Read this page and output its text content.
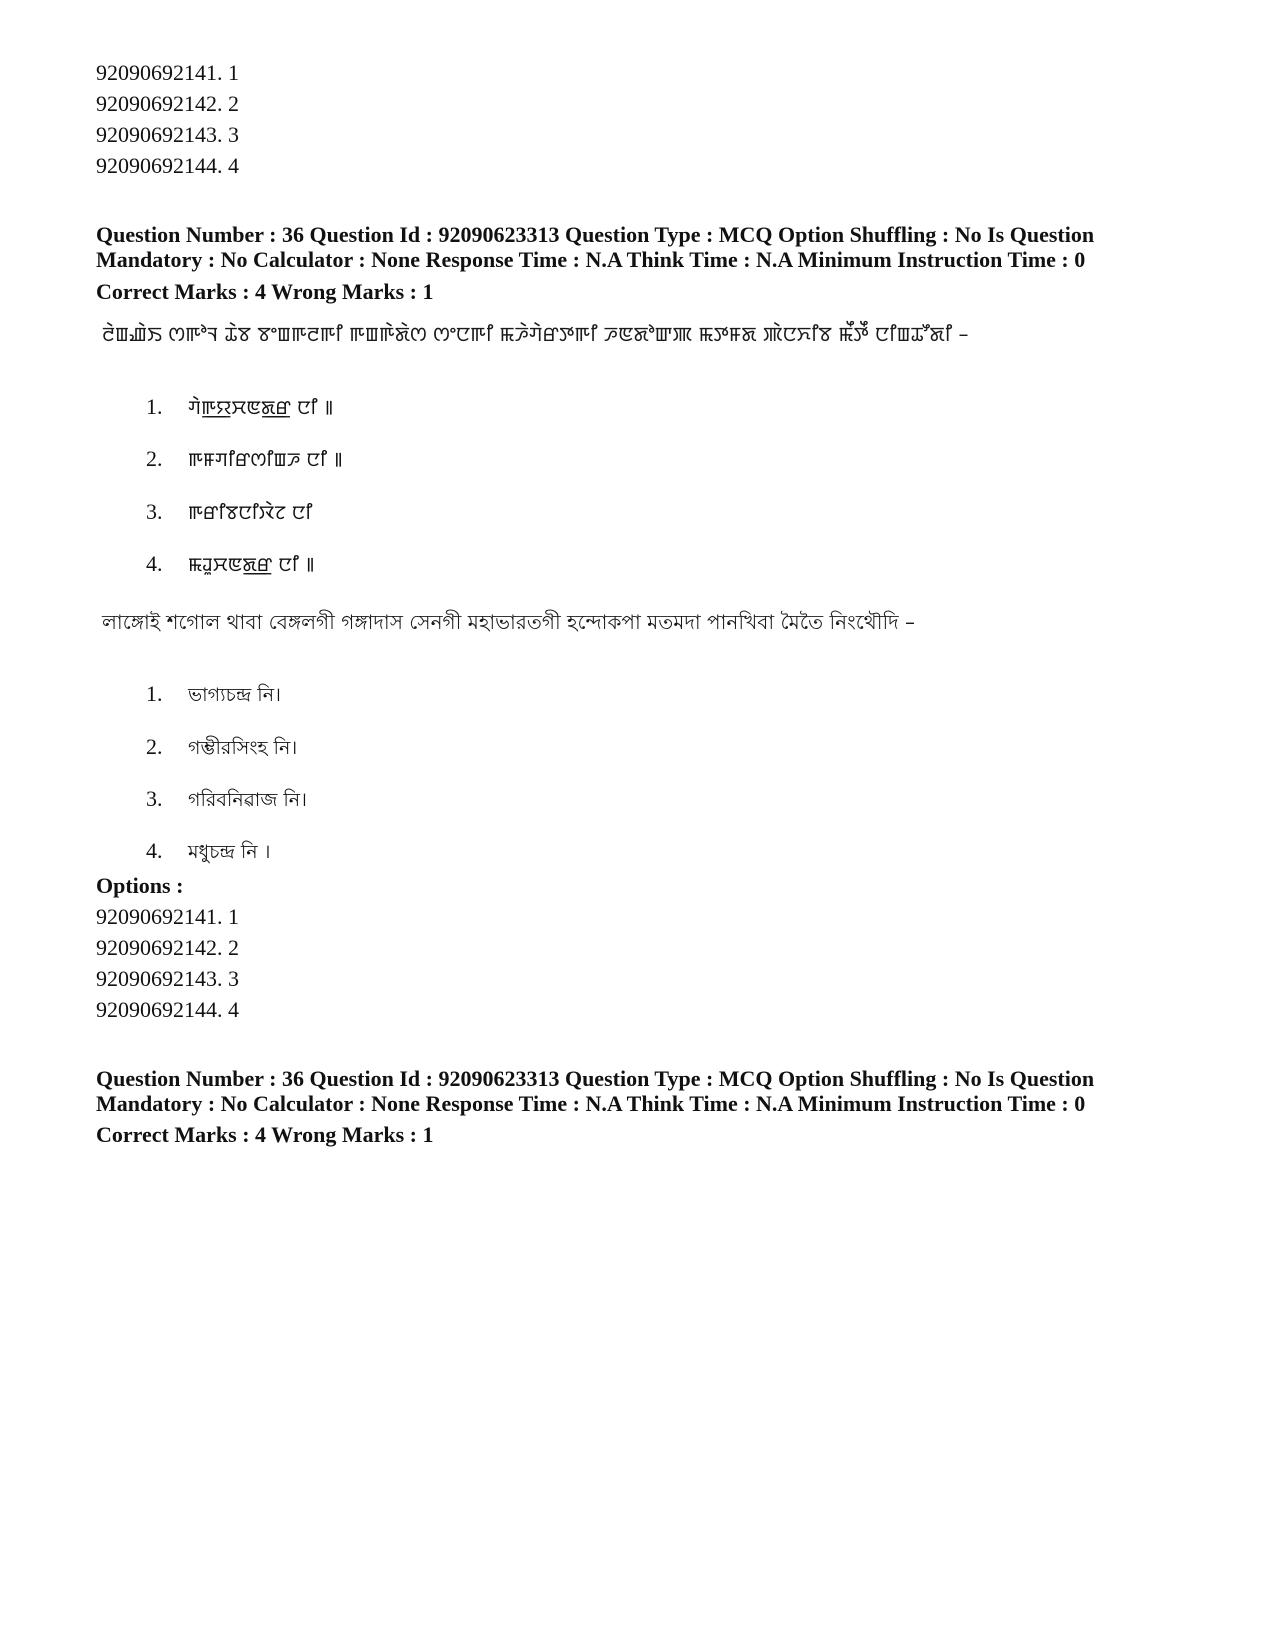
92090692141. 1
92090692142. 2
92090692143. 3
92090692144. 4
Question Number : 36 Question Id : 92090623313 Question Type : MCQ Option Shuffling : No Is Question
Mandatory : No Calculator : None Response Time : N.A Think Time : N.A Minimum Instruction Time : 0
Correct Marks : 4 Wrong Marks : 1
ꯂꯥꯡꯉꯥꯏ ꯁꯒꯣꯜ ꯊꯥꯕ ꯕꯦꯡꯒꯂꯒꯤ ꯒꯡꯒꯥꯗꯥꯁ ꯁꯦꯅꯒꯤ ꯃꯍꯥꯚꯥꯔꯇꯒꯤ ꯍꯟꯗꯣꯛꯄ ꯃꯇꯝꯗ ꯄꯥꯅꯈꯤꯕ ꯃꯩꯇꯩ ꯅꯤꯡꯊꯧꯗꯤ –
1. ꯚꯥꯒ꯭ꯌꯆꯟꯗ꯭ꯔ ꯅꯤ ꯫
2. ꯒꯝꯚꯤꯔꯁꯤꯡꯍ ꯅꯤ ꯫
3. ꯒꯔꯤꯕꯅꯤꯋꯥꯖ ꯅꯤ
4. ꯃꯙꯨꯆꯟꯗ꯭ꯔ ꯅꯤ ꯫
লাঙ্গোই শগোল থাবা বেঙ্গলগী গঙ্গাদাস সেনগী মহাভারতগী হন্দোকপা মতমদা পানখিবা মৈতৈ নিংথৌদি –
1. ভাগ্যচন্দ্র নি।
2. গম্ভীরসিংহ নি।
3. গরিবনিৱাজ নি।
4. মধুচন্দ্র নি ।
Options :
92090692141. 1
92090692142. 2
92090692143. 3
92090692144. 4
Question Number : 36 Question Id : 92090623313 Question Type : MCQ Option Shuffling : No Is Question
Mandatory : No Calculator : None Response Time : N.A Think Time : N.A Minimum Instruction Time : 0
Correct Marks : 4 Wrong Marks : 1
